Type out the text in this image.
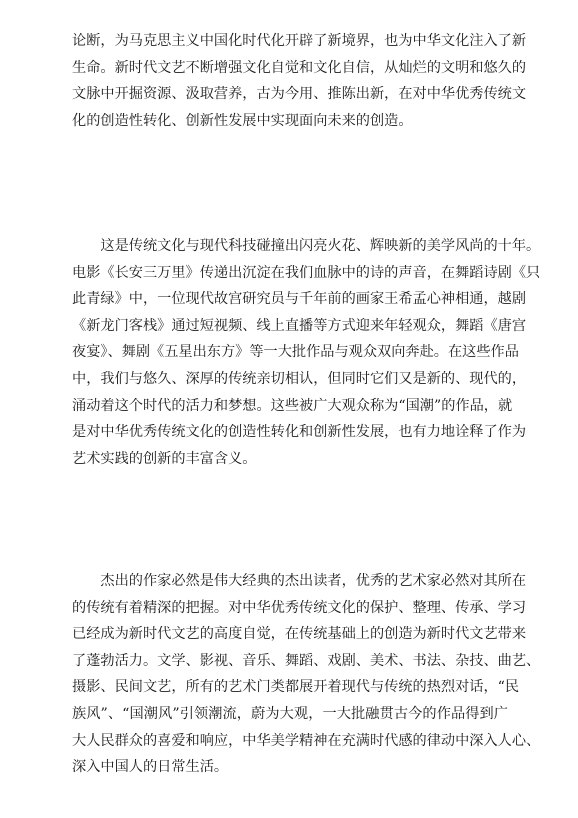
论断，为马克思主义中国化时代化开辟了新境界，也为中华文化注入了新
生命。新时代文艺不断增强文化自觉和文化自信，从灿烂的文明和悠久的
文脉中开掘资源、汲取营养，古为今用、推陈出新，在对中华优秀传统文
化的创造性转化、创新性发展中实现面向未来的创造。
　　这是传统文化与现代科技碰撞出闪亮火花、辉映新的美学风尚的十年。
电影《长安三万里》传递出沉淀在我们血脉中的诗的声音，在舞蹈诗剧《只
此青绿》中，一位现代故宫研究员与千年前的画家王希孟心神相通，越剧
《新龙门客栈》通过短视频、线上直播等方式迎来年轻观众，舞蹈《唐宫
夜宴》、舞剧《五星出东方》等一大批作品与观众双向奔赴。在这些作品
中，我们与悠久、深厚的传统亲切相认，但同时它们又是新的、现代的，
涌动着这个时代的活力和梦想。这些被广大观众称为“国潮”的作品，就
是对中华优秀传统文化的创造性转化和创新性发展，也有力地诠释了作为
艺术实践的创新的丰富含义。
　　杰出的作家必然是伟大经典的杰出读者，优秀的艺术家必然对其所在
的传统有着精深的把握。对中华优秀传统文化的保护、整理、传承、学习
已经成为新时代文艺的高度自觉，在传统基础上的创造为新时代文艺带来
了蓬勃活力。文学、影视、音乐、舞蹈、戏剧、美术、书法、杂技、曲艺、
摄影、民间文艺，所有的艺术门类都展开着现代与传统的热烈对话，“民
族风”、“国潮风”引领潮流，蔚为大观，一大批融贯古今的作品得到广
大人民群众的喜爱和响应，中华美学精神在充满时代感的律动中深入人心、
深入中国人的日常生活。
